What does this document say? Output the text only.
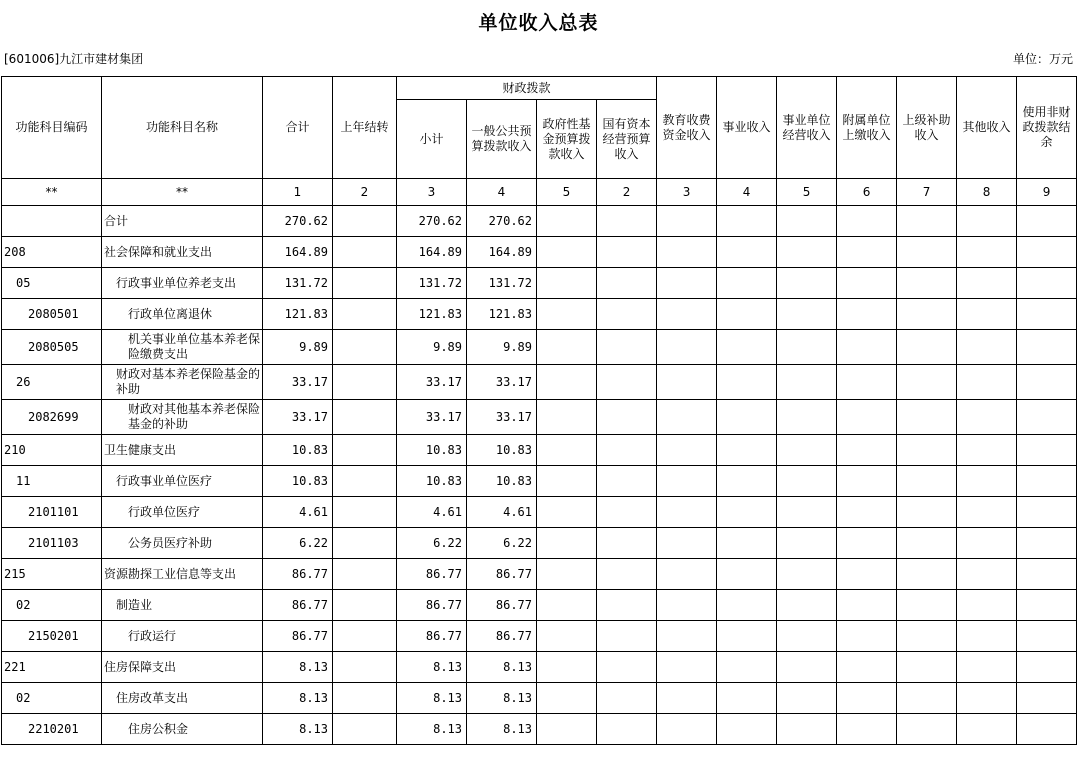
单位收入总表
[601006]九江市建材集团	单位：万元
功能科目编码	功能科目名称	合计	上年结转	财政拨款				教育收费资金收入	事业收入	事业单位经营收入	附属单位上缴收入	上级补助收入	其他收入	使用非财政拨款结余	
				小计	一般公共预算拨款收入	政府性基金预算拨款收入	国有资本经营预算收入								
**	**	1	2	3	4	5	2	3	4	5	6	7	8	9	
	合计	270.62		270.62	270.62											
208	社会保障和就业支出	164.89		164.89	164.89											
05	行政事业单位养老支出	131.72		131.72	131.72											
2080501	行政单位离退休	121.83		121.83	121.83											
2080505	机关事业单位基本养老保险缴费支出	9.89		9.89	9.89											
26	财政对基本养老保险基金的补助	33.17		33.17	33.17											
2082699	财政对其他基本养老保险基金的补助	33.17		33.17	33.17											
210	卫生健康支出	10.83		10.83	10.83											
11	行政事业单位医疗	10.83		10.83	10.83											
2101101	行政单位医疗	4.61		4.61	4.61											
2101103	公务员医疗补助	6.22		6.22	6.22											
215	资源勘探工业信息等支出	86.77		86.77	86.77											
02	制造业	86.77		86.77	86.77											
2150201	行政运行	86.77		86.77	86.77											
221	住房保障支出	8.13		8.13	8.13											
02	住房改革支出	8.13		8.13	8.13											
2210201	住房公积金	8.13		8.13	8.13											
